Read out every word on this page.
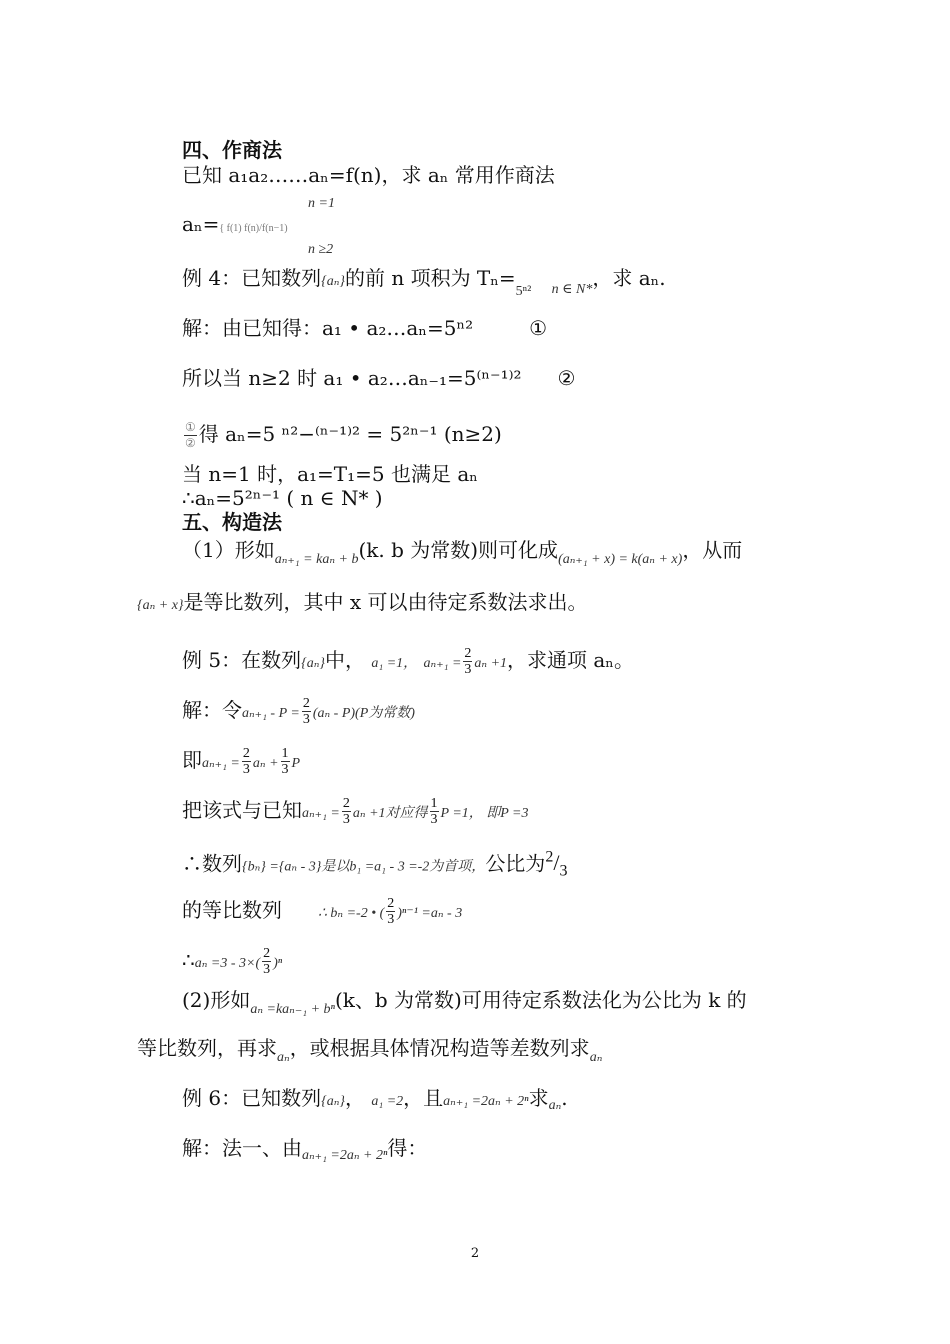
四、作商法
已知 a₁a₂……aₙ=f(n)，求 aₙ 常用作商法
n =1
aₙ={ f(1) f(n)/f(n−1)
n ≥2
例 4：已知数列{aₙ}的前 n 项积为 $T_n=_{5^{n2}}$ $_{n \in N*}$，求 aₙ.
解：由已知得：a₁ • a₂…aₙ=5ⁿ²	①
所以当 n≥2 时 a₁ • a₂…aₙ₋₁=5⁽ⁿ⁻¹⁾² ②
①
② 得 aₙ=5 ⁿ²−⁽ⁿ⁻¹⁾² = 5²ⁿ⁻¹ (n≥2)
当 n=1 时，a₁=T₁=5 也满足 aₙ
∴aₙ=5²ⁿ⁻¹ ( n ∈ N* )
五、构造法
（1）形如$_{a_{n+1} = ka_n + b}$(k. b 为常数)则可化成$_{(a_{n+1} + x) = k(a_n + x)}$，从而
{aₙ + x}是等比数列，其中 x 可以由待定系数法求出。
例 5：在数列{aₙ}中， a₁ =1， $a_{n+1} = \frac{2}{3}$ aₙ +1，求通项 aₙ。
解：令$a_{n+1} - P = \frac{2}{3} (a_n - P)(P$为常数)
即$a_{n+1} = \frac{2}{3}$ $a_n + \frac{1}{3}$ P
把该式与已知$a_{n+1} = \frac{2}{3}$ aₙ +1对应得 $\frac{1}{3}$ P =1， 即P =3
∴数列{bₙ} ={aₙ - 3}是以b₁ =a₁ - 3 =-2为首项，公比为$^2/_3$
的等比数列	∴ bₙ =-2 • ( $\frac{2}{3} )^{n-1} =a_n - 3$
∴aₙ $=3 - 3\times( \frac{2}{3} )^n$
(2)形如$_{a_n =ka_{n-1} + b^n}$(k、b 为常数)可用待定系数法化为公比为 k 的
等比数列，再求$_{a_n}$，或根据具体情况构造等差数列求$_{a_n}$
例 6：已知数列{aₙ}， a₁ =2，且aₙ₊₁ =2aₙ + 2ⁿ求$_{a_n}$.
解：法一、由$_{a_{n+1} =2a_n + 2^n}$得：
2
